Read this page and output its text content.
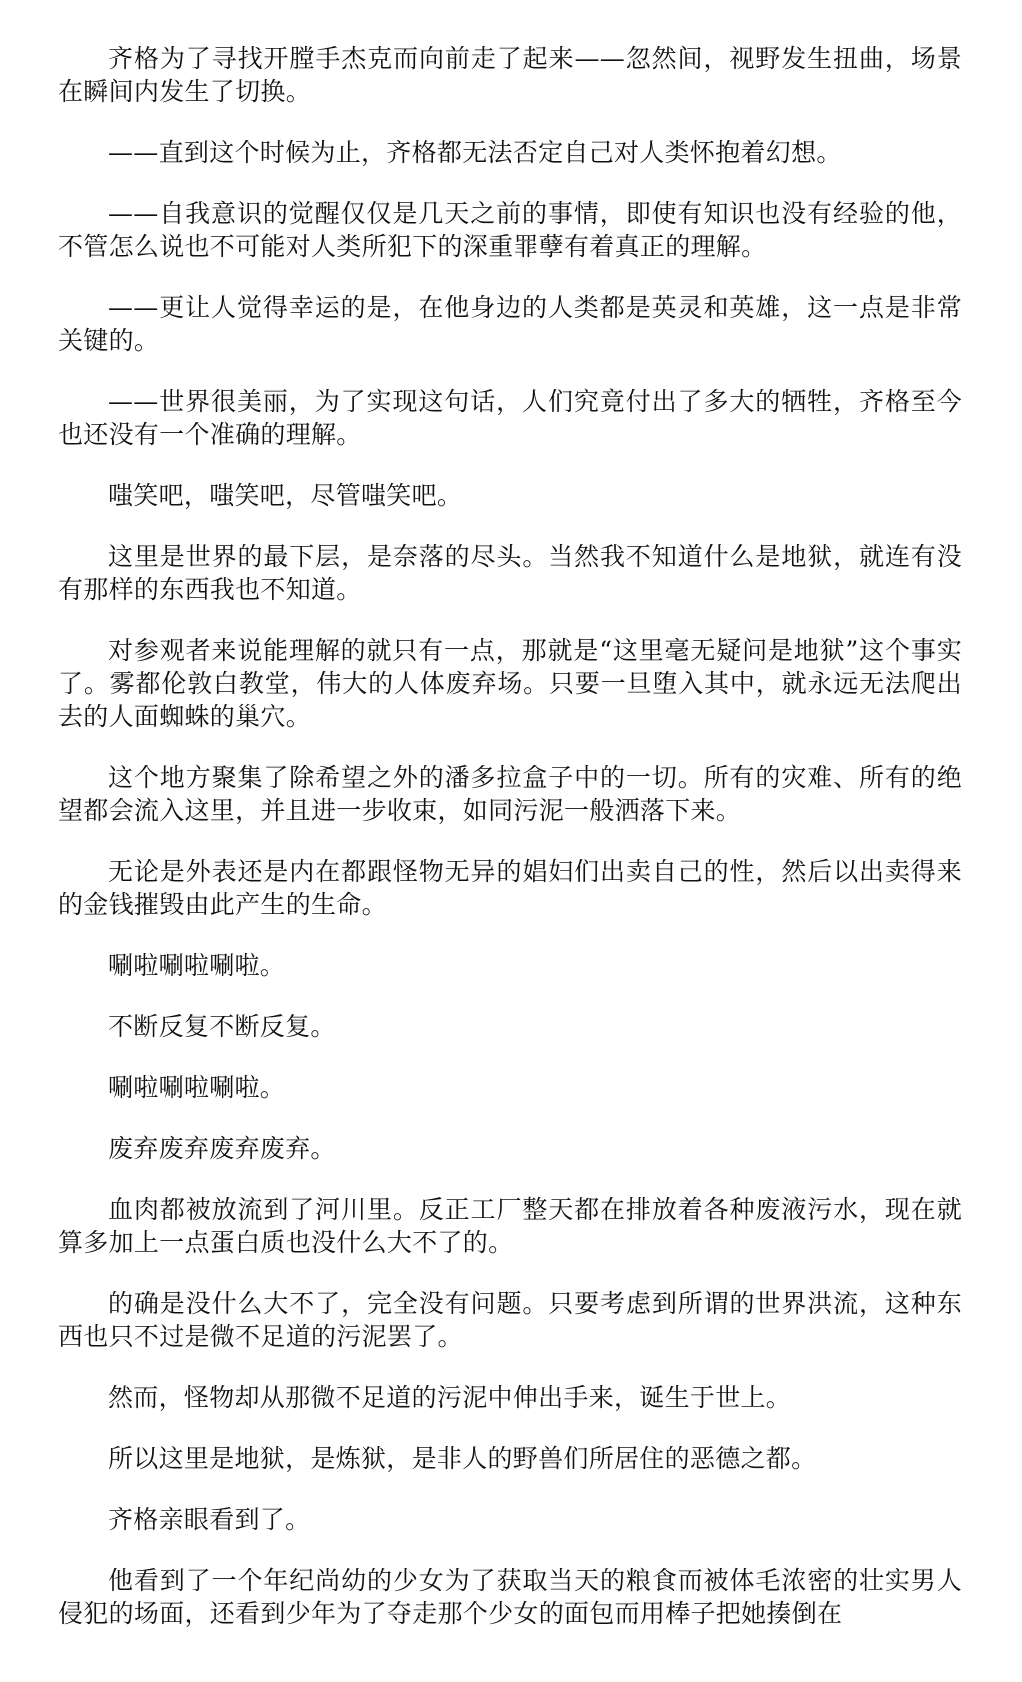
齐格为了寻找开膛手杰克而向前走了起来——忽然间，视野发生扭曲，场景在瞬间内发生了切换。

——直到这个时候为止，齐格都无法否定自己对人类怀抱着幻想。

——自我意识的觉醒仅仅是几天之前的事情，即使有知识也没有经验的他，不管怎么说也不可能对人类所犯下的深重罪孽有着真正的理解。

——更让人觉得幸运的是，在他身边的人类都是英灵和英雄，这一点是非常关键的。

——世界很美丽，为了实现这句话，人们究竟付出了多大的牺牲，齐格至今也还没有一个准确的理解。

嗤笑吧，嗤笑吧，尽管嗤笑吧。

这里是世界的最下层，是奈落的尽头。当然我不知道什么是地狱，就连有没有那样的东西我也不知道。

对参观者来说能理解的就只有一点，那就是“这里毫无疑问是地狱”这个事实了。雾都伦敦白教堂，伟大的人体废弃场。只要一旦堕入其中，就永远无法爬出去的人面蜘蛛的巢穴。

这个地方聚集了除希望之外的潘多拉盒子中的一切。所有的灾难、所有的绝望都会流入这里，并且进一步收束，如同污泥一般洒落下来。

无论是外表还是内在都跟怪物无异的娼妇们出卖自己的性，然后以出卖得来的金钱摧毁由此产生的生命。

唰啦唰啦唰啦。

不断反复不断反复。

唰啦唰啦唰啦。

废弃废弃废弃废弃。

血肉都被放流到了河川里。反正工厂整天都在排放着各种废液污水，现在就算多加上一点蛋白质也没什么大不了的。

的确是没什么大不了，完全没有问题。只要考虑到所谓的世界洪流，这种东西也只不过是微不足道的污泥罢了。

然而，怪物却从那微不足道的污泥中伸出手来，诞生于世上。

所以这里是地狱，是炼狱，是非人的野兽们所居住的恶德之都。

齐格亲眼看到了。

他看到了一个年纪尚幼的少女为了获取当天的粮食而被体毛浓密的壮实男人侵犯的场面，还看到少年为了夺走那个少女的面包而用棒子把她揍倒在
